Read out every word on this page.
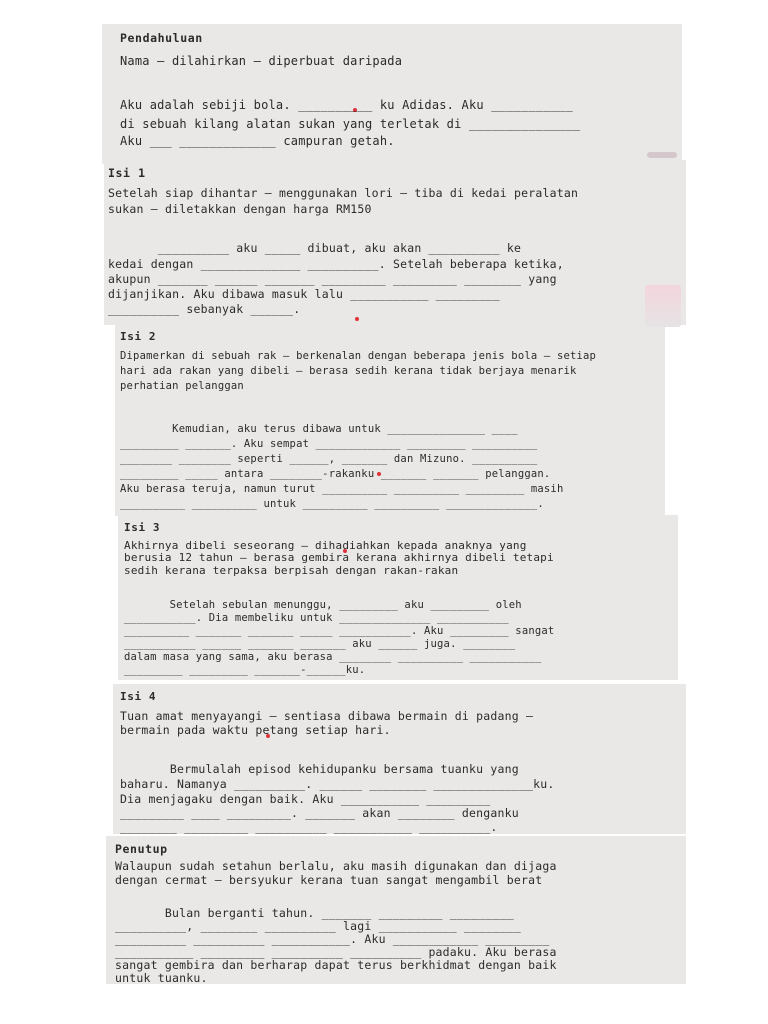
Pendahuluan
Nama – dilahirkan – diperbuat daripada
Aku adalah sebiji bola. __________ ku Adidas. Aku ___________
di sebuah kilang alatan sukan yang terletak di _______________
Aku ___ _____________ campuran getah.
Isi 1
Setelah siap dihantar – menggunakan lori – tiba di kedai peralatan
sukan – diletakkan dengan harga RM150
__________ aku _____ dibuat, aku akan __________ ke
kedai dengan ______________ __________. Setelah beberapa ketika,
akupun _______ ______ _______ _________ _________ ________ yang
dijanjikan. Aku dibawa masuk lalu ___________ _________
__________ sebanyak ______.
Isi 2
Dipamerkan di sebuah rak – berkenalan dengan beberapa jenis bola – setiap
hari ada rakan yang dibeli – berasa sedih kerana tidak berjaya menarik
perhatian pelanggan
Kemudian, aku terus dibawa untuk _______________ ____
_________ _______. Aku sempat _____________ _________ __________
________ ________ seperti ______, _______ dan Mizuno. __________
_________ _____ antara ________-rakanku _______ _______ pelanggan.
Aku berasa teruja, namun turut __________ __________ _________ masih
__________ __________ untuk __________ __________ ______________.
Isi 3
Akhirnya dibeli seseorang – dihadiahkan kepada anaknya yang
berusia 12 tahun – berasa gembira kerana akhirnya dibeli tetapi
sedih kerana terpaksa berpisah dengan rakan-rakan
Setelah sebulan menunggu, _________ aku _________ oleh
___________. Dia membeliku untuk ______________ ___________
__________ _______ _______ _____ ___________. Aku _________ sangat
___________ ______ _______ _______ aku ______ juga. ________
dalam masa yang sama, aku berasa ________ __________ ___________
_________ _________ _______-______ku.
Isi 4
Tuan amat menyayangi – sentiasa dibawa bermain di padang –
bermain pada waktu petang setiap hari.
Bermulalah episod kehidupanku bersama tuanku yang
baharu. Namanya __________. ______ ________ ______________ku.
Dia menjagaku dengan baik. Aku ___________ _________
_________ ____ _________. _______ akan ________ denganku
________ _________ __________ ___________ __________.
Penutup
Walaupun sudah setahun berlalu, aku masih digunakan dan dijaga
dengan cermat – bersyukur kerana tuan sangat mengambil berat
Bulan berganti tahun. _______ _________ _________
__________, ________ __________ lagi ___________ ________
__________ __________ ___________. Aku ____________ _________
___________ _________ __________ __________ padaku. Aku berasa
sangat gembira dan berharap dapat terus berkhidmat dengan baik
untuk tuanku.
